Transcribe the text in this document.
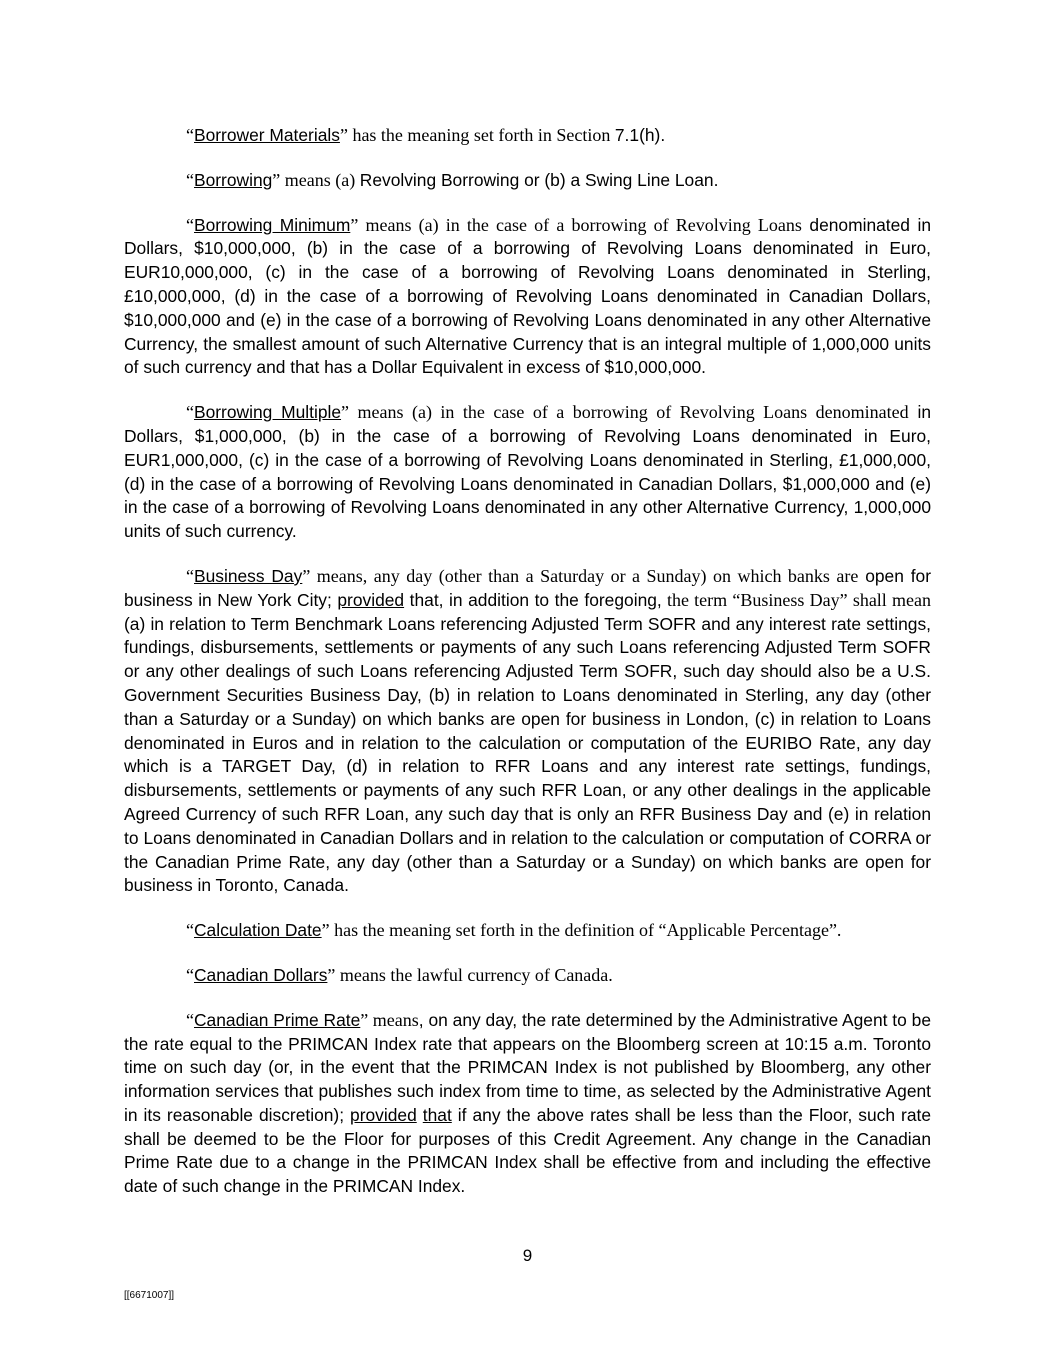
“Borrower Materials” has the meaning set forth in Section 7.1(h).

“Borrowing” means (a) Revolving Borrowing or (b) a Swing Line Loan.

“Borrowing Minimum” means (a) in the case of a borrowing of Revolving Loans denominated in Dollars, $10,000,000, (b) in the case of a borrowing of Revolving Loans denominated in Euro, EUR10,000,000, (c) in the case of a borrowing of Revolving Loans denominated in Sterling, £10,000,000, (d) in the case of a borrowing of Revolving Loans denominated in Canadian Dollars, $10,000,000 and (e) in the case of a borrowing of Revolving Loans denominated in any other Alternative Currency, the smallest amount of such Alternative Currency that is an integral multiple of 1,000,000 units of such currency and that has a Dollar Equivalent in excess of $10,000,000.

“Borrowing Multiple” means (a) in the case of a borrowing of Revolving Loans denominated in Dollars, $1,000,000, (b) in the case of a borrowing of Revolving Loans denominated in Euro, EUR1,000,000, (c) in the case of a borrowing of Revolving Loans denominated in Sterling, £1,000,000, (d) in the case of a borrowing of Revolving Loans denominated in Canadian Dollars, $1,000,000 and (e) in the case of a borrowing of Revolving Loans denominated in any other Alternative Currency, 1,000,000 units of such currency.

“Business Day” means, any day (other than a Saturday or a Sunday) on which banks are open for business in New York City; provided that, in addition to the foregoing, the term “Business Day” shall mean (a) in relation to Term Benchmark Loans referencing Adjusted Term SOFR and any interest rate settings, fundings, disbursements, settlements or payments of any such Loans referencing Adjusted Term SOFR or any other dealings of such Loans referencing Adjusted Term SOFR, such day should also be a U.S. Government Securities Business Day, (b) in relation to Loans denominated in Sterling, any day (other than a Saturday or a Sunday) on which banks are open for business in London, (c) in relation to Loans denominated in Euros and in relation to the calculation or computation of the EURIBO Rate, any day which is a TARGET Day, (d) in relation to RFR Loans and any interest rate settings, fundings, disbursements, settlements or payments of any such RFR Loan, or any other dealings in the applicable Agreed Currency of such RFR Loan, any such day that is only an RFR Business Day and (e) in relation to Loans denominated in Canadian Dollars and in relation to the calculation or computation of CORRA or the Canadian Prime Rate, any day (other than a Saturday or a Sunday) on which banks are open for business in Toronto, Canada.

“Calculation Date” has the meaning set forth in the definition of “Applicable Percentage”.

“Canadian Dollars” means the lawful currency of Canada.

“Canadian Prime Rate” means, on any day, the rate determined by the Administrative Agent to be the rate equal to the PRIMCAN Index rate that appears on the Bloomberg screen at 10:15 a.m. Toronto time on such day (or, in the event that the PRIMCAN Index is not published by Bloomberg, any other information services that publishes such index from time to time, as selected by the Administrative Agent in its reasonable discretion); provided that if any the above rates shall be less than the Floor, such rate shall be deemed to be the Floor for purposes of this Credit Agreement. Any change in the Canadian Prime Rate due to a change in the PRIMCAN Index shall be effective from and including the effective date of such change in the PRIMCAN Index.

9
[[6671007]]
